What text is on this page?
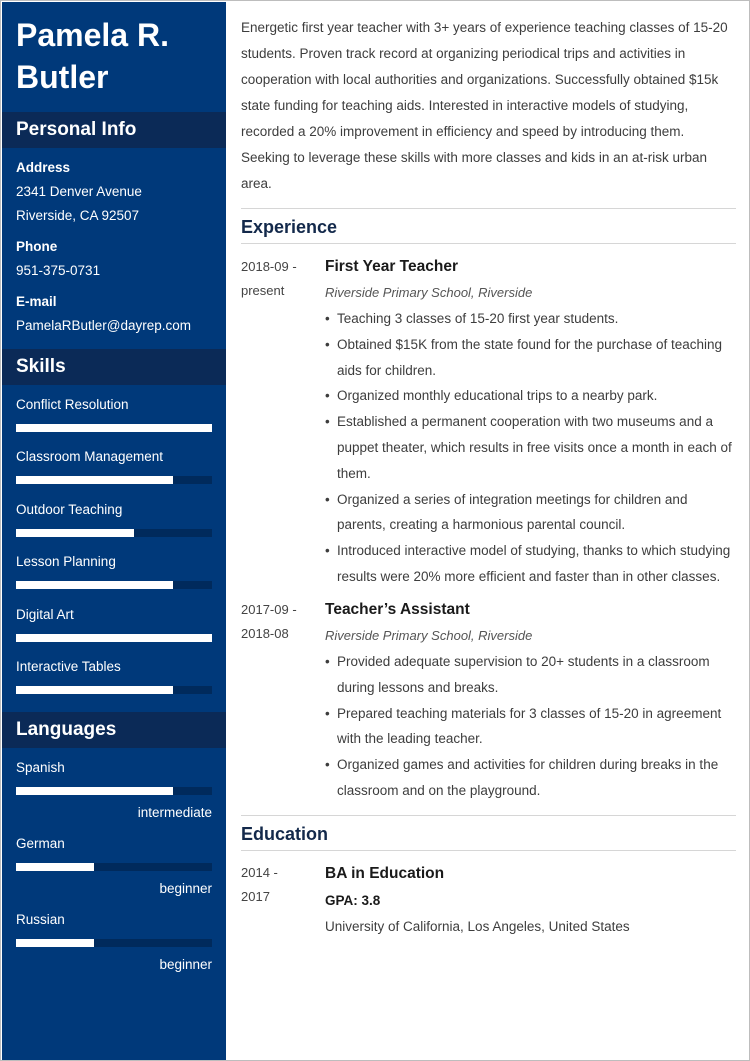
Pamela R. Butler
Personal Info
Address
2341 Denver Avenue
Riverside, CA 92507
Phone
951-375-0731
E-mail
PamelaRButler@dayrep.com
Skills
Conflict Resolution
Classroom Management
Outdoor Teaching
Lesson Planning
Digital Art
Interactive Tables
Languages
Spanish
intermediate
German
beginner
Russian
beginner
Energetic first year teacher with 3+ years of experience teaching classes of 15-20 students. Proven track record at organizing periodical trips and activities in cooperation with local authorities and organizations. Successfully obtained $15k state funding for teaching aids. Interested in interactive models of studying, recorded a 20% improvement in efficiency and speed by introducing them. Seeking to leverage these skills with more classes and kids in an at-risk urban area.
Experience
2018-09 -
present
First Year Teacher
Riverside Primary School, Riverside
• Teaching 3 classes of 15-20 first year students.
• Obtained $15K from the state found for the purchase of teaching aids for children.
• Organized monthly educational trips to a nearby park.
• Established a permanent cooperation with two museums and a puppet theater, which results in free visits once a month in each of them.
• Organized a series of integration meetings for children and parents, creating a harmonious parental council.
• Introduced interactive model of studying, thanks to which studying results were 20% more efficient and faster than in other classes.
2017-09 -
2018-08
Teacher’s Assistant
Riverside Primary School, Riverside
• Provided adequate supervision to 20+ students in a classroom during lessons and breaks.
• Prepared teaching materials for 3 classes of 15-20 in agreement with the leading teacher.
• Organized games and activities for children during breaks in the classroom and on the playground.
Education
2014 -
2017
BA in Education
GPA: 3.8
University of California, Los Angeles, United States
